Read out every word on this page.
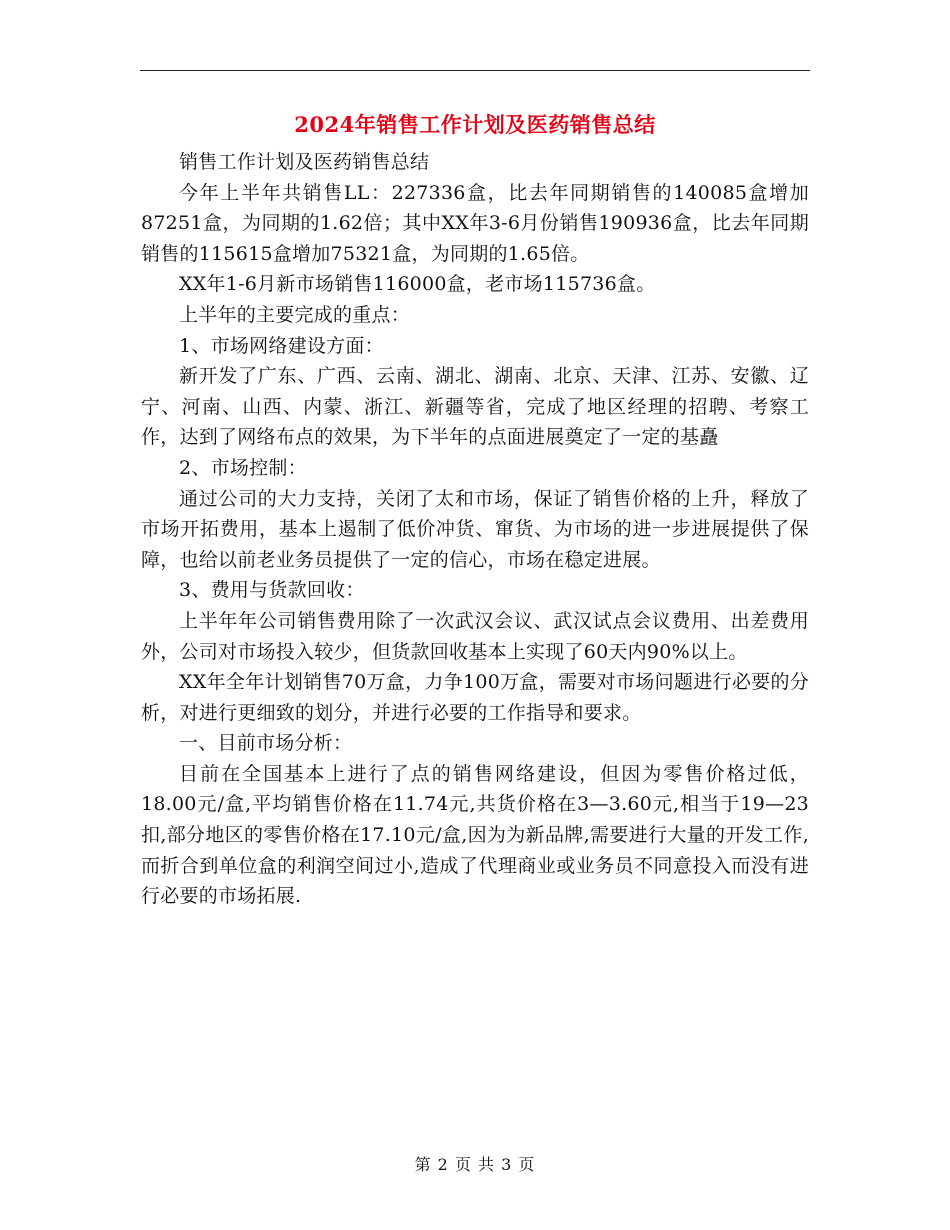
2024年销售工作计划及医药销售总结

销售工作计划及医药销售总结

今年上半年共销售LL：227336盒，比去年同期销售的140085盒增加87251盒，为同期的1.62倍；其中XX年3-6月份销售190936盒，比去年同期销售的115615盒增加75321盒，为同期的1.65倍。

XX年1-6月新市场销售116000盒，老市场115736盒。

上半年的主要完成的重点：

1、市场网络建设方面：

新开发了广东、广西、云南、湖北、湖南、北京、天津、江苏、安徽、辽宁、河南、山西、内蒙、浙江、新疆等省，完成了地区经理的招聘、考察工作，达到了网络布点的效果，为下半年的点面进展奠定了一定的基矗

2、市场控制：

通过公司的大力支持，关闭了太和市场，保证了销售价格的上升，释放了市场开拓费用，基本上遏制了低价冲货、窜货、为市场的进一步进展提供了保障，也给以前老业务员提供了一定的信心，市场在稳定进展。

3、费用与货款回收：

上半年年公司销售费用除了一次武汉会议、武汉试点会议费用、出差费用外，公司对市场投入较少，但货款回收基本上实现了60天内90%以上。

XX年全年计划销售70万盒，力争100万盒，需要对市场问题进行必要的分析，对进行更细致的划分，并进行必要的工作指导和要求。

一、目前市场分析：

目前在全国基本上进行了点的销售网络建设，但因为零售价格过低，18.00元/盒,平均销售价格在11.74元,共货价格在3—3.60元,相当于19—23扣,部分地区的零售价格在17.10元/盒,因为为新品牌,需要进行大量的开发工作,而折合到单位盒的利润空间过小,造成了代理商业或业务员不同意投入而没有进行必要的市场拓展.

第 2 页 共 3 页
